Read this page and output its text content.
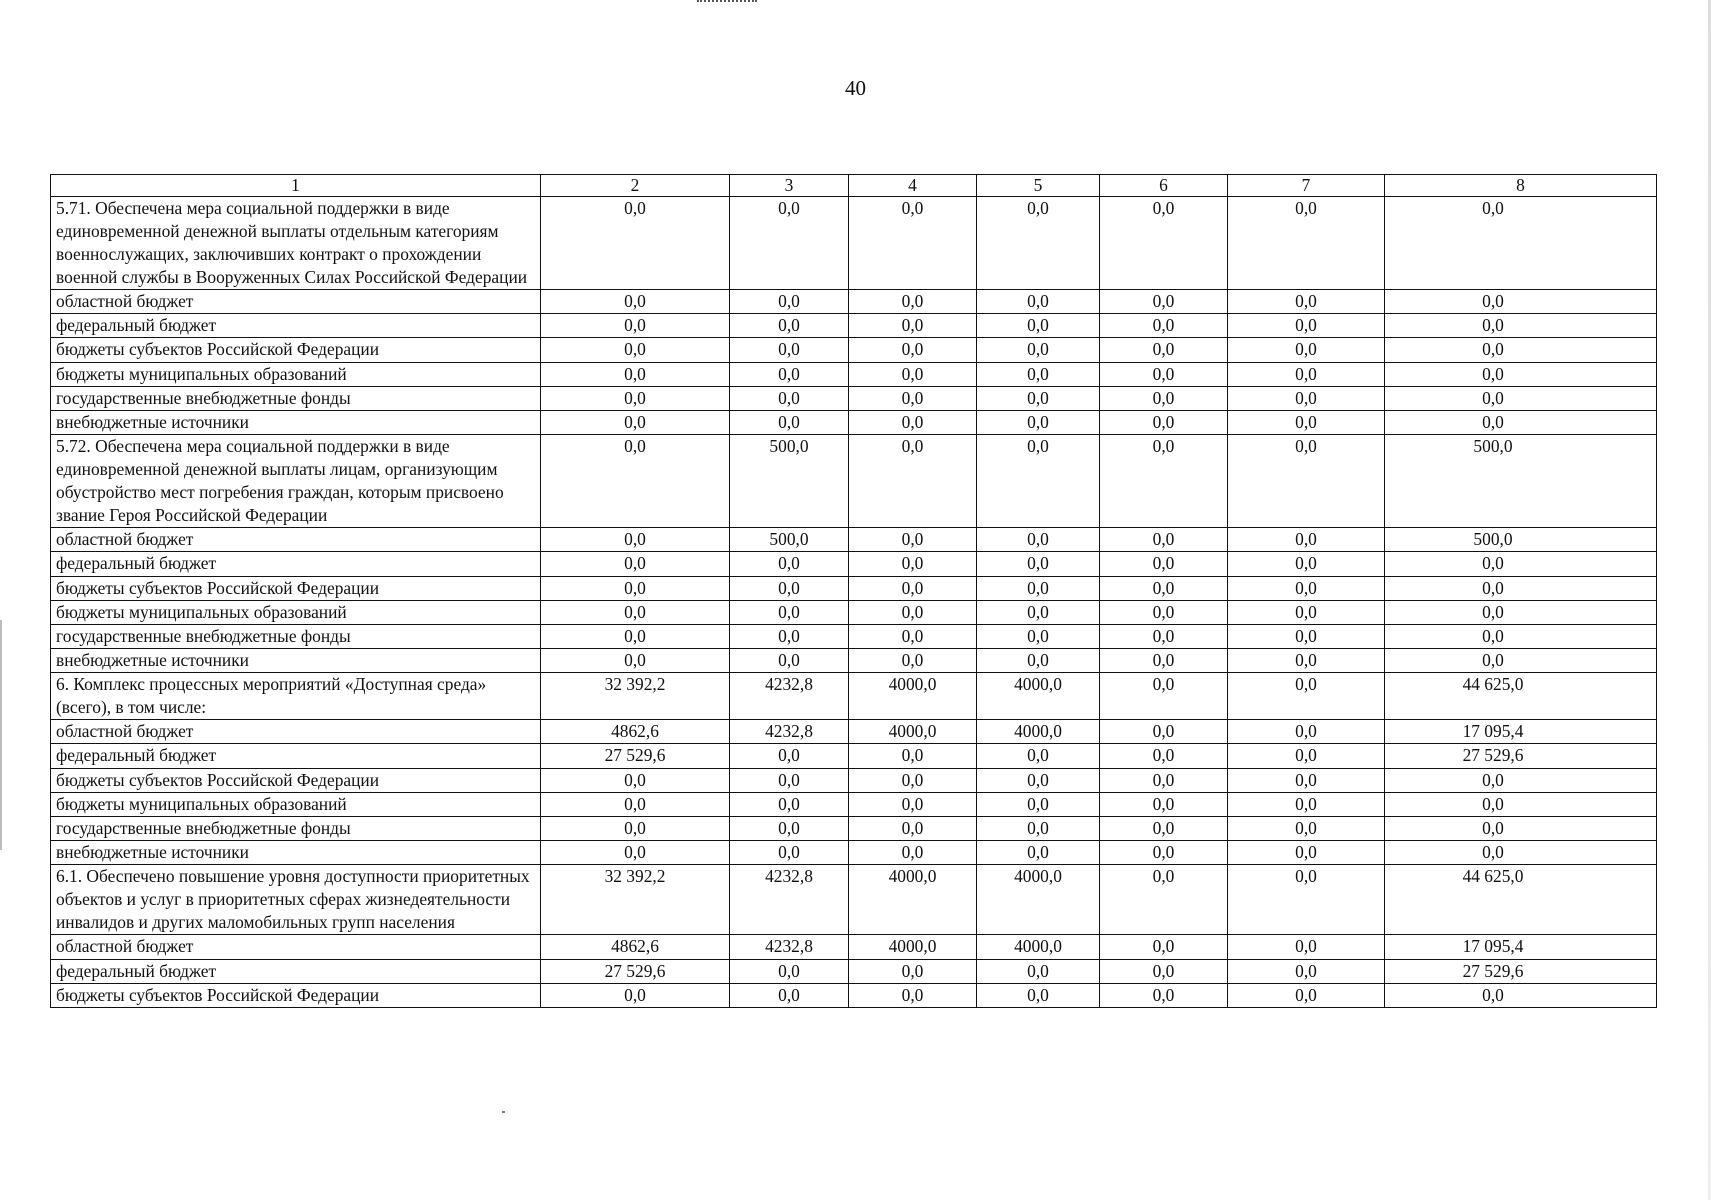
40
1	2	3	4	5	6	7	8
5.71. Обеспечена мера социальной поддержки в виде единовременной денежной выплаты отдельным категориям военнослужащих, заключивших контракт о прохождении военной службы в Вооруженных Силах Российской Федерации	0,0	0,0	0,0	0,0	0,0	0,0	0,0
областной бюджет	0,0	0,0	0,0	0,0	0,0	0,0	0,0
федеральный бюджет	0,0	0,0	0,0	0,0	0,0	0,0	0,0
бюджеты субъектов Российской Федерации	0,0	0,0	0,0	0,0	0,0	0,0	0,0
бюджеты муниципальных образований	0,0	0,0	0,0	0,0	0,0	0,0	0,0
государственные внебюджетные фонды	0,0	0,0	0,0	0,0	0,0	0,0	0,0
внебюджетные источники	0,0	0,0	0,0	0,0	0,0	0,0	0,0
5.72. Обеспечена мера социальной поддержки в виде единовременной денежной выплаты лицам, организующим обустройство мест погребения граждан, которым присвоено звание Героя Российской Федерации	0,0	500,0	0,0	0,0	0,0	0,0	500,0
областной бюджет	0,0	500,0	0,0	0,0	0,0	0,0	500,0
федеральный бюджет	0,0	0,0	0,0	0,0	0,0	0,0	0,0
бюджеты субъектов Российской Федерации	0,0	0,0	0,0	0,0	0,0	0,0	0,0
бюджеты муниципальных образований	0,0	0,0	0,0	0,0	0,0	0,0	0,0
государственные внебюджетные фонды	0,0	0,0	0,0	0,0	0,0	0,0	0,0
внебюджетные источники	0,0	0,0	0,0	0,0	0,0	0,0	0,0
6. Комплекс процессных мероприятий «Доступная среда» (всего), в том числе:	32 392,2	4232,8	4000,0	4000,0	0,0	0,0	44 625,0
областной бюджет	4862,6	4232,8	4000,0	4000,0	0,0	0,0	17 095,4
федеральный бюджет	27 529,6	0,0	0,0	0,0	0,0	0,0	27 529,6
бюджеты субъектов Российской Федерации	0,0	0,0	0,0	0,0	0,0	0,0	0,0
бюджеты муниципальных образований	0,0	0,0	0,0	0,0	0,0	0,0	0,0
государственные внебюджетные фонды	0,0	0,0	0,0	0,0	0,0	0,0	0,0
внебюджетные источники	0,0	0,0	0,0	0,0	0,0	0,0	0,0
6.1. Обеспечено повышение уровня доступности приоритетных объектов и услуг в приоритетных сферах жизнедеятельности инвалидов и других маломобильных групп населения	32 392,2	4232,8	4000,0	4000,0	0,0	0,0	44 625,0
областной бюджет	4862,6	4232,8	4000,0	4000,0	0,0	0,0	17 095,4
федеральный бюджет	27 529,6	0,0	0,0	0,0	0,0	0,0	27 529,6
бюджеты субъектов Российской Федерации	0,0	0,0	0,0	0,0	0,0	0,0	0,0
